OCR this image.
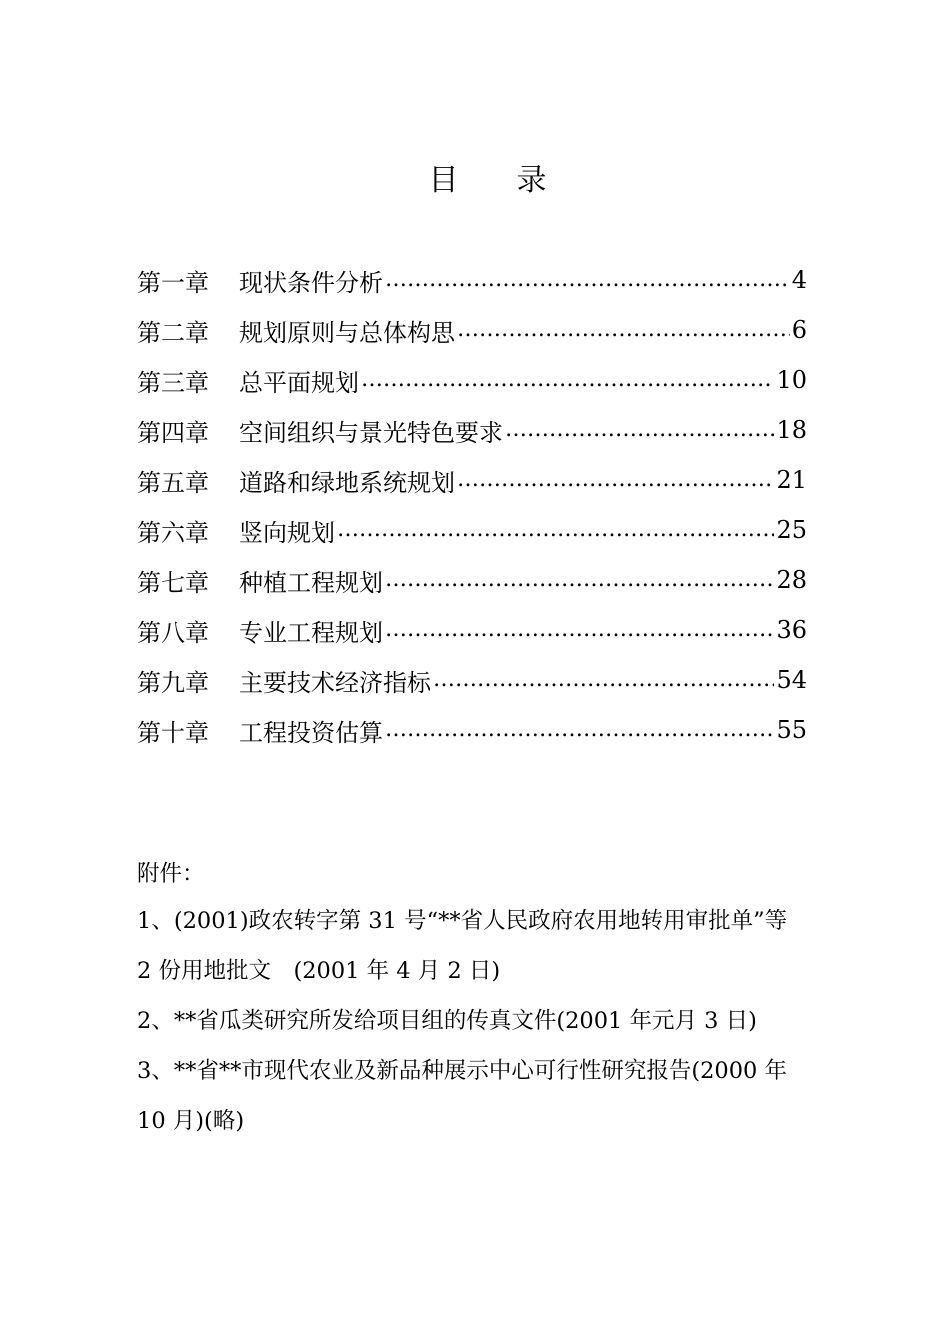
目 录
第一章	现状条件分析 ……………………………………………………………………………………………………………………………………	4
第二章	规划原则与总体构思 ……………………………………………………………………………………………………………………………………	6
第三章	总平面规划 ……………………………………………………………………………………………………………………………………	10
第四章	空间组织与景光特色要求 ……………………………………………………………………………………………………………………………………	18
第五章	道路和绿地系统规划 ……………………………………………………………………………………………………………………………………	21
第六章	竖向规划 ……………………………………………………………………………………………………………………………………	25
第七章	种植工程规划 ……………………………………………………………………………………………………………………………………	28
第八章	专业工程规划 ……………………………………………………………………………………………………………………………………	36
第九章	主要技术经济指标 ……………………………………………………………………………………………………………………………………	54
第十章	工程投资估算 ……………………………………………………………………………………………………………………………………	55
附件：
1、(2001)政农转字第 31 号“**省人民政府农用地转用审批单”等
2 份用地批文　(2001 年 4 月 2 日)
2、**省瓜类研究所发给项目组的传真文件(2001 年元月 3 日)
3、**省**市现代农业及新品种展示中心可行性研究报告(2000 年
10 月)(略)
